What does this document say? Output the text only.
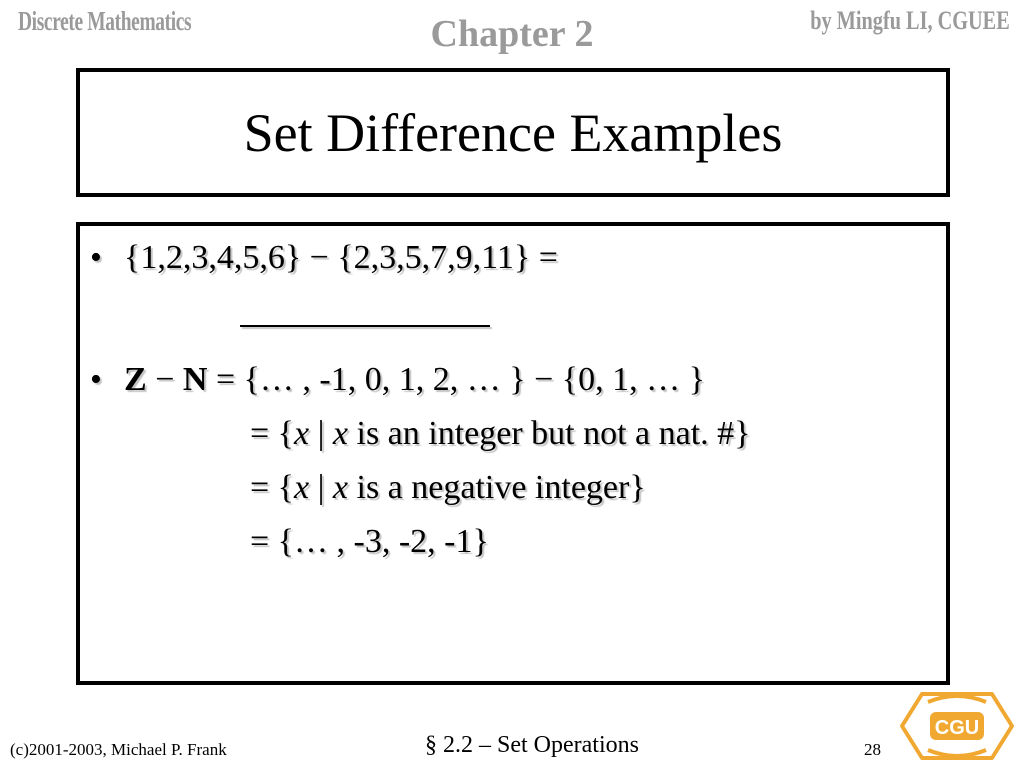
Discrete Mathematics	Chapter 2	by Mingfu LI, CGUEE
Set Difference Examples
• {1,2,3,4,5,6} − {2,3,5,7,9,11} =
• Z − N = {… , -1, 0, 1, 2, … } − {0, 1, … }
= {x | x is an integer but not a nat. #}
= {x | x is a negative integer}
= {… , -3, -2, -1}
(c)2001-2003, Michael P. Frank	§ 2.2 – Set Operations	28
CGU
